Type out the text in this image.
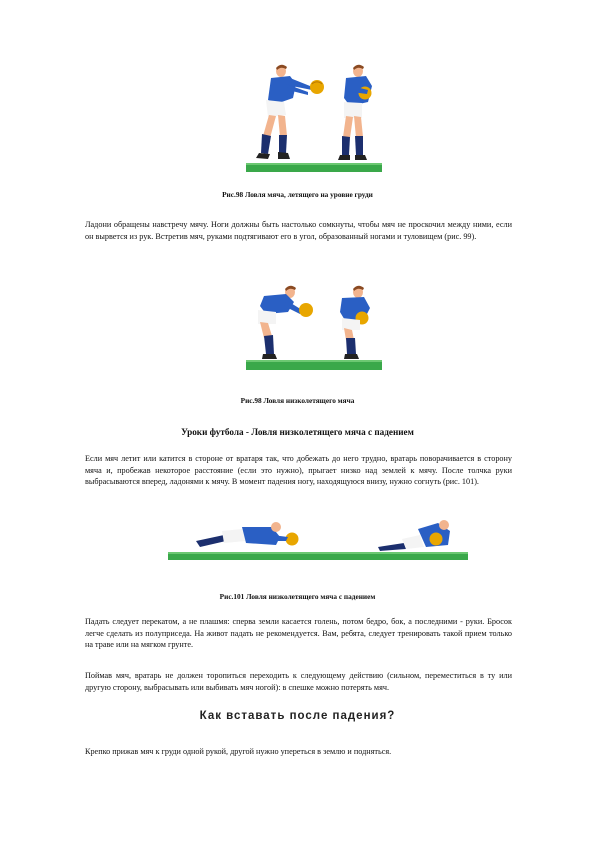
Рис.98 Ловля мяча, летящего на уровне груди

Ладони обращены навстречу мячу. Ноги должны быть настолько сомкнуты, чтобы мяч не проскочил между ними, если он вырвется из рук. Встретив мяч, руками подтягивают его в угол, образованный ногами и туловищем (рис. 99).

Рис.98 Ловля низколетящего мяча

Уроки футбола - Ловля низколетящего мяча с падением

Если мяч летит или катится в стороне от вратаря так, что добежать до него трудно, вратарь поворачивается в сторону мяча и, пробежав некоторое расстояние (если это нужно), прыгает низко над землей к мячу. После толчка руки выбрасываются вперед, ладонями к мячу. В момент падения ногу, находящуюся внизу, нужно согнуть (рис. 101).

Рис.101 Ловля низколетящего мяча с падением

Падать следует перекатом, а не плашмя: сперва земли касается голень, потом бедро, бок, а последними - руки. Бросок легче сделать из полуприседа. На живот падать не рекомендуется. Вам, ребята, следует тренировать такой прием только на траве или на мягком грунте.

Поймав мяч, вратарь не должен торопиться переходить к следующему действию (сильном, переместиться в ту или другую сторону, выбрасывать или выбивать мяч ногой): в спешке можно потерять мяч.

Как вставать после падения?

Крепко прижав мяч к груди одной рукой, другой нужно упереться в землю и подняться.
